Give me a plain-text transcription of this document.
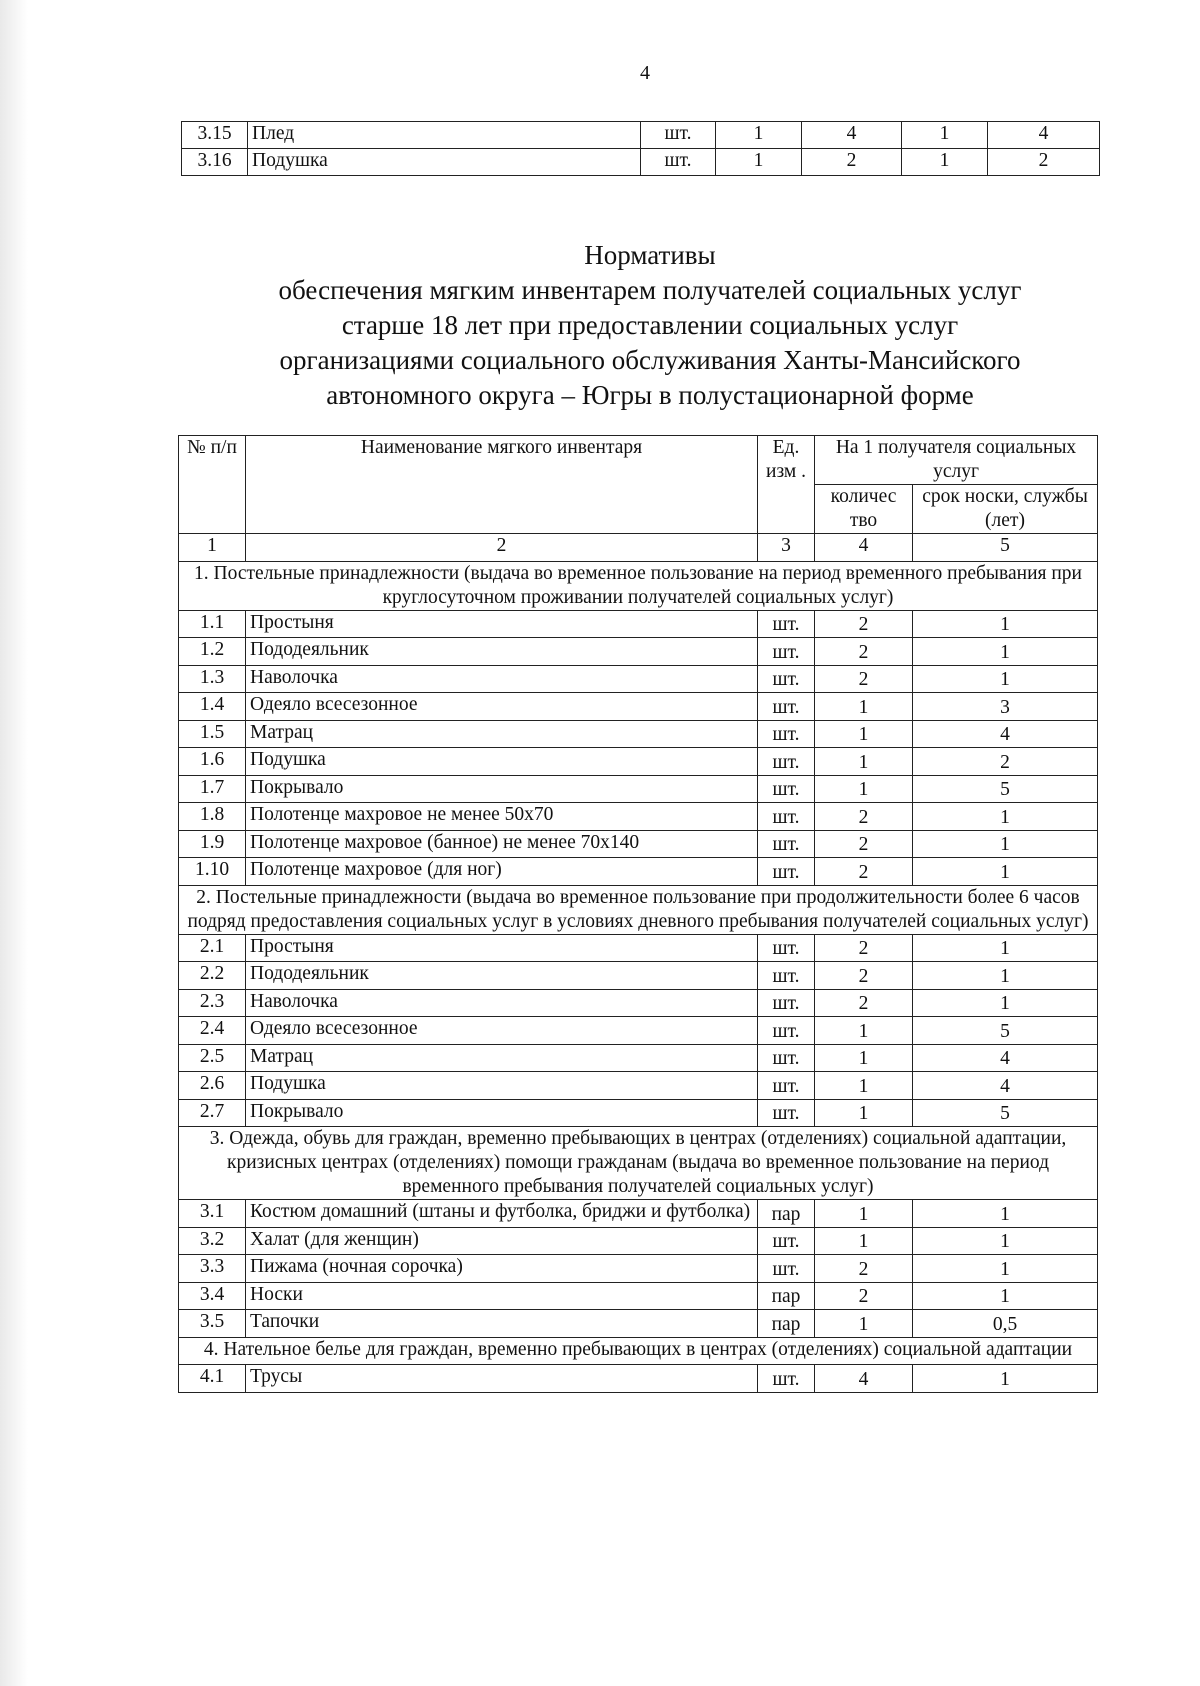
4
3.15	Плед	шт.	1	4	1	4
3.16	Подушка	шт.	1	2	1	2
Нормативы
обеспечения мягким инвентарем получателей социальных услуг
старше 18 лет при предоставлении социальных услуг
организациями социального обслуживания Ханты-Мансийского
автономного округа – Югры в полустационарной форме
№ п/п	Наименование мягкого инвентаря	Ед. изм .	На 1 получателя социальных услуг	
			количес тво	срок носки, службы (лет)
1	2	3	4	5
1. Постельные принадлежности (выдача во временное пользование на период временного пребывания при круглосуточном проживании получателей социальных услуг)				
1.1	Простыня	шт.	2	1
1.2	Пододеяльник	шт.	2	1
1.3	Наволочка	шт.	2	1
1.4	Одеяло всесезонное	шт.	1	3
1.5	Матрац	шт.	1	4
1.6	Подушка	шт.	1	2
1.7	Покрывало	шт.	1	5
1.8	Полотенце махровое не менее 50x70	шт.	2	1
1.9	Полотенце махровое (банное) не менее 70x140	шт.	2	1
1.10	Полотенце махровое (для ног)	шт.	2	1
2. Постельные принадлежности (выдача во временное пользование при продолжительности более 6 часов подряд предоставления социальных услуг в условиях дневного пребывания получателей социальных услуг)				
2.1	Простыня	шт.	2	1
2.2	Пододеяльник	шт.	2	1
2.3	Наволочка	шт.	2	1
2.4	Одеяло всесезонное	шт.	1	5
2.5	Матрац	шт.	1	4
2.6	Подушка	шт.	1	4
2.7	Покрывало	шт.	1	5
3. Одежда, обувь для граждан, временно пребывающих в центрах (отделениях) социальной адаптации, кризисных центрах (отделениях) помощи гражданам (выдача во временное пользование на период временного пребывания получателей социальных услуг)				
3.1	Костюм домашний (штаны и футболка, бриджи и футболка)	пар	1	1
3.2	Халат (для женщин)	шт.	1	1
3.3	Пижама (ночная сорочка)	шт.	2	1
3.4	Носки	пар	2	1
3.5	Тапочки	пар	1	0,5
4. Нательное белье для граждан, временно пребывающих в центрах (отделениях) социальной адаптации				
4.1	Трусы	шт.	4	1
